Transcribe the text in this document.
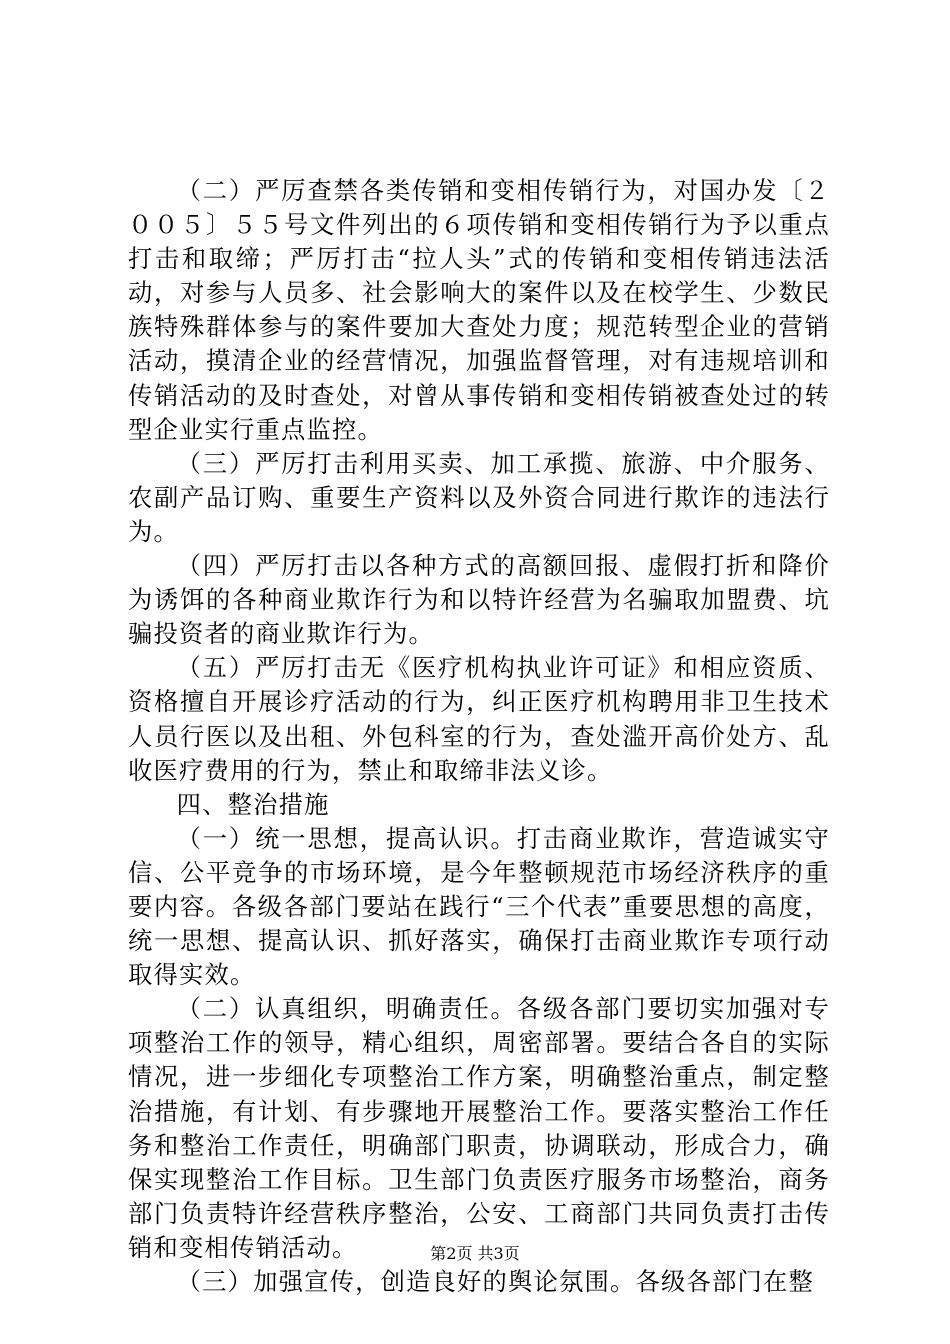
（二）严厉查禁各类传销和变相传销行为，对国办发〔２００５〕５５号文件列出的６项传销和变相传销行为予以重点打击和取缔；严厉打击“拉人头”式的传销和变相传销违法活动，对参与人员多、社会影响大的案件以及在校学生、少数民族特殊群体参与的案件要加大查处力度；规范转型企业的营销活动，摸清企业的经营情况，加强监督管理，对有违规培训和传销活动的及时查处，对曾从事传销和变相传销被查处过的转型企业实行重点监控。

（三）严厉打击利用买卖、加工承揽、旅游、中介服务、农副产品订购、重要生产资料以及外资合同进行欺诈的违法行为。

（四）严厉打击以各种方式的高额回报、虚假打折和降价为诱饵的各种商业欺诈行为和以特许经营为名骗取加盟费、坑骗投资者的商业欺诈行为。

（五）严厉打击无《医疗机构执业许可证》和相应资质、资格擅自开展诊疗活动的行为，纠正医疗机构聘用非卫生技术人员行医以及出租、外包科室的行为，查处滥开高价处方、乱收医疗费用的行为，禁止和取缔非法义诊。

四、整治措施

（一）统一思想，提高认识。打击商业欺诈，营造诚实守信、公平竞争的市场环境，是今年整顿规范市场经济秩序的重要内容。各级各部门要站在践行“三个代表”重要思想的高度，统一思想、提高认识、抓好落实，确保打击商业欺诈专项行动取得实效。

（二）认真组织，明确责任。各级各部门要切实加强对专项整治工作的领导，精心组织，周密部署。要结合各自的实际情况，进一步细化专项整治工作方案，明确整治重点，制定整治措施，有计划、有步骤地开展整治工作。要落实整治工作任务和整治工作责任，明确部门职责，协调联动，形成合力，确保实现整治工作目标。卫生部门负责医疗服务市场整治，商务部门负责特许经营秩序整治，公安、工商部门共同负责打击传销和变相传销活动。

（三）加强宣传，创造良好的舆论氛围。各级各部门在整

第2页 共3页
